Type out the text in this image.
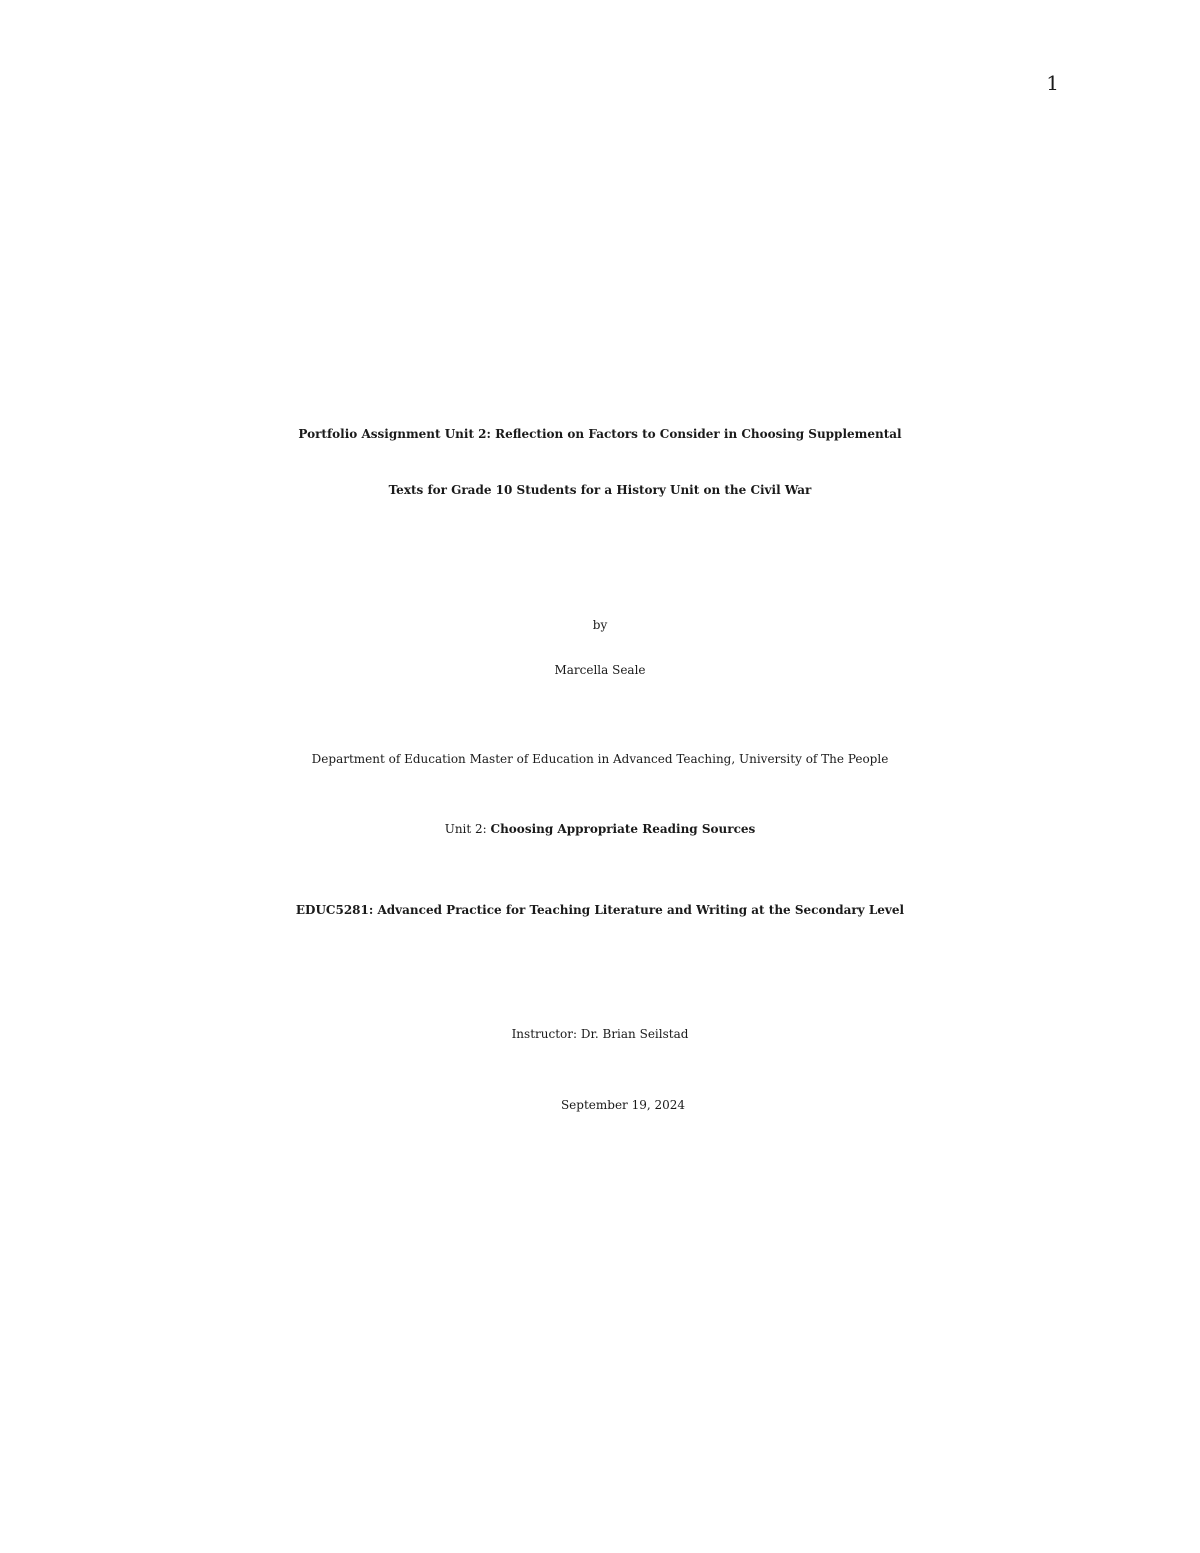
1
Portfolio Assignment Unit 2: Reflection on Factors to Consider in Choosing Supplemental
Texts for Grade 10 Students for a History Unit on the Civil War
by
Marcella Seale
Department of Education Master of Education in Advanced Teaching, University of The People
Unit 2: Choosing Appropriate Reading Sources
EDUC5281: Advanced Practice for Teaching Literature and Writing at the Secondary Level
Instructor: Dr. Brian Seilstad
September 19, 2024
